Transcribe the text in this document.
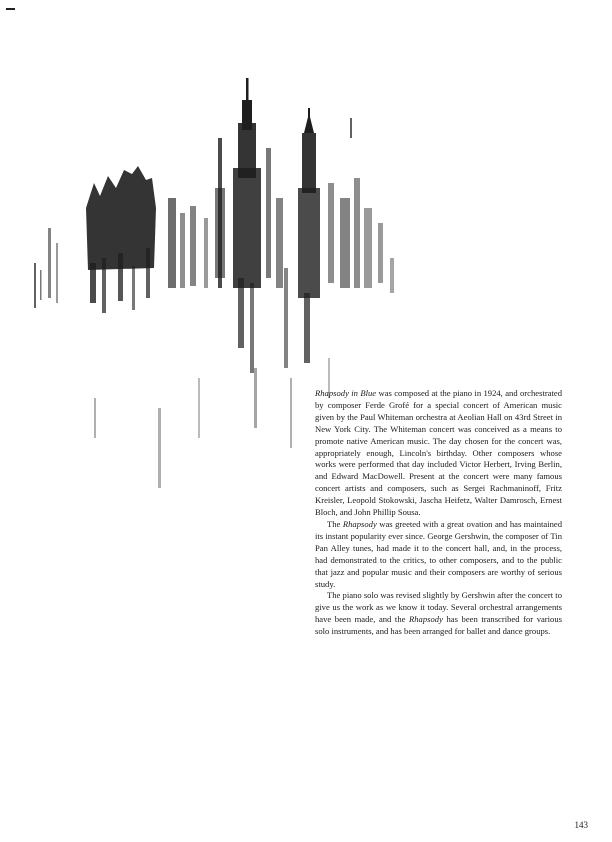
Rhapsody in Blue was composed at the piano in 1924, and orchestrated by composer Ferde Grofé for a special concert of American music given by the Paul Whiteman orchestra at Aeolian Hall on 43rd Street in New York City. The Whiteman concert was conceived as a means to promote native American music. The day chosen for the concert was, appropriately enough, Lincoln's birthday. Other composers whose works were performed that day included Victor Herbert, Irving Berlin, and Edward MacDowell. Present at the concert were many famous concert artists and composers, such as Sergei Rachmaninoff, Fritz Kreisler, Leopold Stokowski, Jascha Heifetz, Walter Damrosch, Ernest Bloch, and John Phillip Sousa.

The Rhapsody was greeted with a great ovation and has maintained its instant popularity ever since. George Gershwin, the composer of Tin Pan Alley tunes, had made it to the concert hall, and, in the process, had demonstrated to the critics, to other composers, and to the public that jazz and popular music and their composers are worthy of serious study.

The piano solo was revised slightly by Gershwin after the concert to give us the work as we know it today. Several orchestral arrangements have been made, and the Rhapsody has been transcribed for various solo instruments, and has been arranged for ballet and dance groups.

143
